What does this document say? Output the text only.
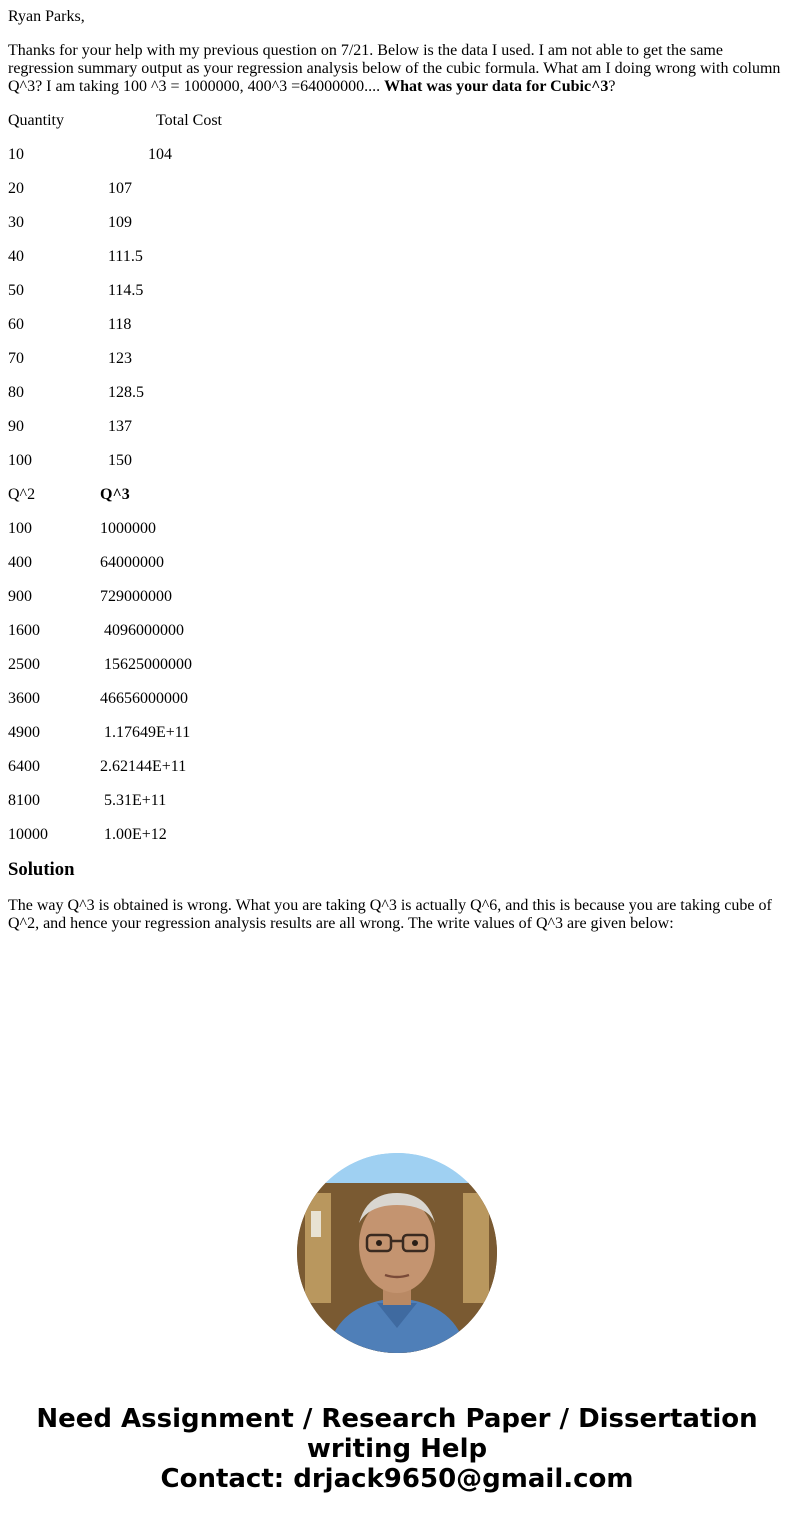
Ryan Parks,

Thanks for your help with my previous question on 7/21. Below is the data I used. I am not able to get the same regression summary output as your regression analysis below of the cubic formula. What am I doing wrong with column Q^3? I am taking 100 ^3 = 1000000, 400^3 =64000000.... What was your data for Cubic^3?

Quantity	Total Cost
10	104
20	107
30	109
40	111.5
50	114.5
60	118
70	123
80	128.5
90	137
100	150
Q^2	Q^3
100	1000000
400	64000000
900	729000000
1600	4096000000
2500	15625000000
3600	46656000000
4900	1.17649E+11
6400	2.62144E+11
8100	5.31E+11
10000	1.00E+12
Solution

The way Q^3 is obtained is wrong. What you are taking Q^3 is actually Q^6, and this is because you are taking cube of Q^2, and hence your regression analysis results are all wrong. The write values of Q^3 are given below:

Need Assignment / Research Paper / Dissertation
writing Help
Contact: drjack9650@gmail.com
